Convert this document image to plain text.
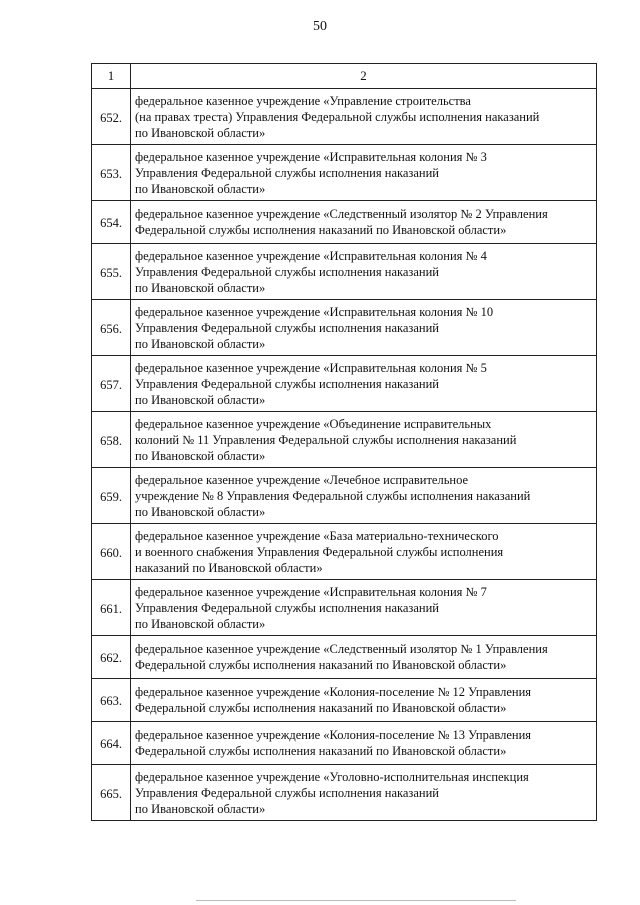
50
1	2
652.	федеральное казенное учреждение «Управление строительства
(на правах треста) Управления Федеральной службы исполнения наказаний
по Ивановской области»
653.	федеральное казенное учреждение «Исправительная колония № 3
Управления Федеральной службы исполнения наказаний
по Ивановской области»
654.	федеральное казенное учреждение «Следственный изолятор № 2 Управления
Федеральной службы исполнения наказаний по Ивановской области»
655.	федеральное казенное учреждение «Исправительная колония № 4
Управления Федеральной службы исполнения наказаний
по Ивановской области»
656.	федеральное казенное учреждение «Исправительная колония № 10
Управления Федеральной службы исполнения наказаний
по Ивановской области»
657.	федеральное казенное учреждение «Исправительная колония № 5
Управления Федеральной службы исполнения наказаний
по Ивановской области»
658.	федеральное казенное учреждение «Объединение исправительных
колоний № 11 Управления Федеральной службы исполнения наказаний
по Ивановской области»
659.	федеральное казенное учреждение «Лечебное исправительное
учреждение № 8 Управления Федеральной службы исполнения наказаний
по Ивановской области»
660.	федеральное казенное учреждение «База материально-технического
и военного снабжения Управления Федеральной службы исполнения
наказаний по Ивановской области»
661.	федеральное казенное учреждение «Исправительная колония № 7
Управления Федеральной службы исполнения наказаний
по Ивановской области»
662.	федеральное казенное учреждение «Следственный изолятор № 1 Управления
Федеральной службы исполнения наказаний по Ивановской области»
663.	федеральное казенное учреждение «Колония-поселение № 12 Управления
Федеральной службы исполнения наказаний по Ивановской области»
664.	федеральное казенное учреждение «Колония-поселение № 13 Управления
Федеральной службы исполнения наказаний по Ивановской области»
665.	федеральное казенное учреждение «Уголовно-исполнительная инспекция
Управления Федеральной службы исполнения наказаний
по Ивановской области»
